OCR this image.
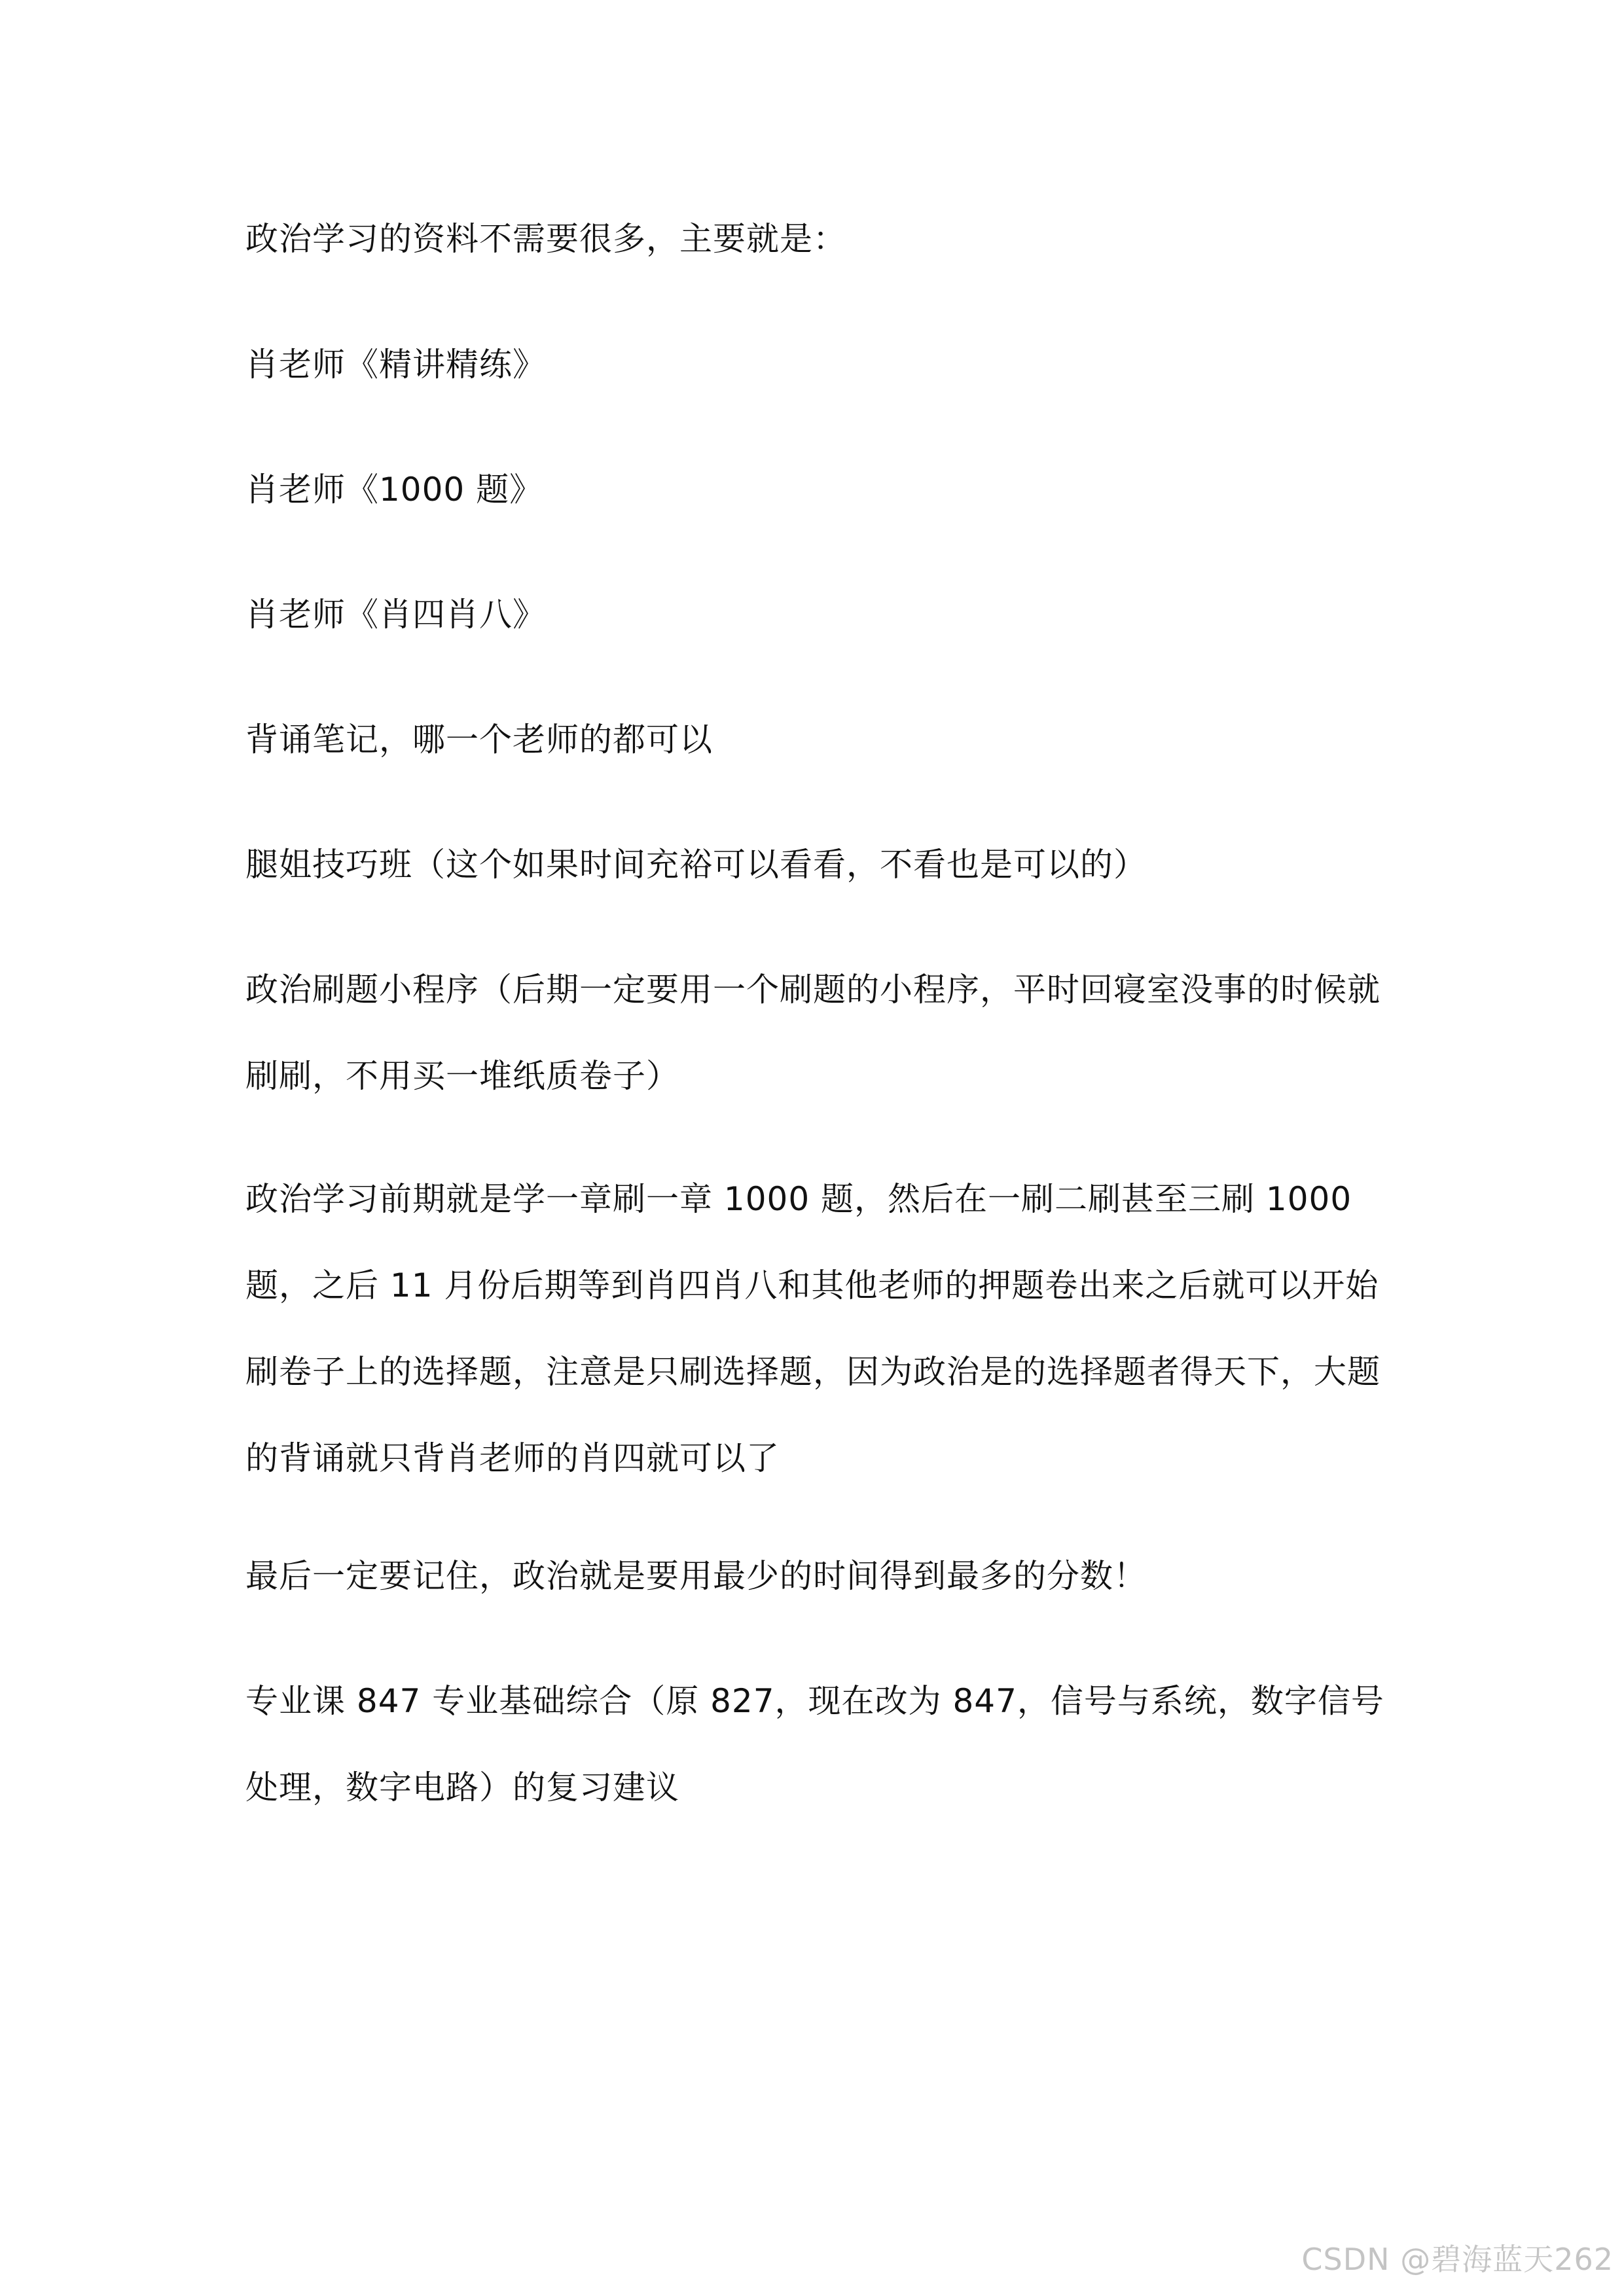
政治学习的资料不需要很多，主要就是：

肖老师《精讲精练》

肖老师《1000 题》

肖老师《肖四肖八》

背诵笔记，哪一个老师的都可以

腿姐技巧班（这个如果时间充裕可以看看，不看也是可以的）

政治刷题小程序（后期一定要用一个刷题的小程序，平时回寝室没事的时候就刷刷，不用买一堆纸质卷子）

政治学习前期就是学一章刷一章 1000 题，然后在一刷二刷甚至三刷 1000 题，之后 11 月份后期等到肖四肖八和其他老师的押题卷出来之后就可以开始刷卷子上的选择题，注意是只刷选择题，因为政治是的选择题者得天下，大题的背诵就只背肖老师的肖四就可以了

最后一定要记住，政治就是要用最少的时间得到最多的分数！

专业课 847 专业基础综合（原 827，现在改为 847，信号与系统，数字信号处理，数字电路）的复习建议

CSDN @碧海蓝天262
